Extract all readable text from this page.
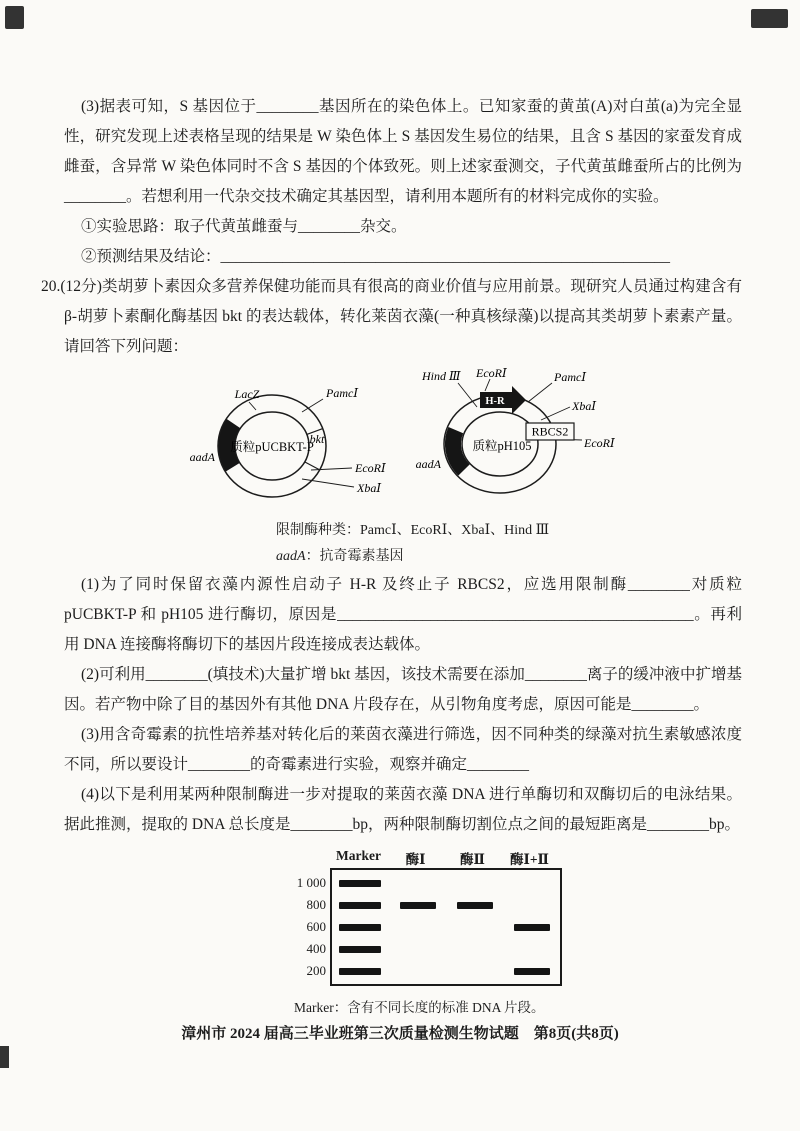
(3)据表可知，S 基因位于________基因所在的染色体上。已知家蚕的黄茧(A)对白茧(a)为完全显性，研究发现上述表格呈现的结果是 W 染色体上 S 基因发生易位的结果，且含 S 基因的家蚕发育成雌蚕，含异常 W 染色体同时不含 S 基因的个体致死。则上述家蚕测交，子代黄茧雌蚕所占的比例为________。若想利用一代杂交技术确定其基因型，请利用本题所有的材料完成你的实验。

①实验思路：取子代黄茧雌蚕与________杂交。

②预测结果及结论：__________________________________________________________

20.(12分)类胡萝卜素因众多营养保健功能而具有很高的商业价值与应用前景。现研究人员通过构建含有 β-胡萝卜素酮化酶基因 bkt 的表达载体，转化莱茵衣藻(一种真核绿藻)以提高其类胡萝卜素素产量。请回答下列问题：

LacZ	PamcⅠ
bkt
EcoRⅠ
XbaⅠ
aadA
质粒pUCBKT-P
Hind Ⅲ EcoRⅠ
H-R
PamcⅠ
XbaⅠ
RBCS2
EcoRⅠ
aadA
质粒pH105
限制酶种类：PamcⅠ、EcoRⅠ、XbaⅠ、Hind Ⅲ
aadA：抗奇霉素基因

(1)为了同时保留衣藻内源性启动子 H-R 及终止子 RBCS2，应选用限制酶________对质粒pUCBKT-P 和 pH105 进行酶切，原因是______________________________________________。再利用 DNA 连接酶将酶切下的基因片段连接成表达载体。

(2)可利用________(填技术)大量扩增 bkt 基因，该技术需要在添加________离子的缓冲液中扩增基因。若产物中除了目的基因外有其他 DNA 片段存在，从引物角度考虑，原因可能是________。

(3)用含奇霉素的抗性培养基对转化后的莱茵衣藻进行筛选，因不同种类的绿藻对抗生素敏感浓度不同，所以要设计________的奇霉素进行实验，观察并确定________

(4)以下是利用某两种限制酶进一步对提取的莱茵衣藻 DNA 进行单酶切和双酶切后的电泳结果。据此推测，提取的 DNA 总长度是________bp，两种限制酶切割位点之间的最短距离是________bp。

Marker	酶Ⅰ	酶Ⅱ	酶Ⅰ+Ⅱ
1 000
800
600
400
200
Marker：含有不同长度的标准 DNA 片段。
漳州市 2024 届高三毕业班第三次质量检测生物试题　第8页(共8页)
